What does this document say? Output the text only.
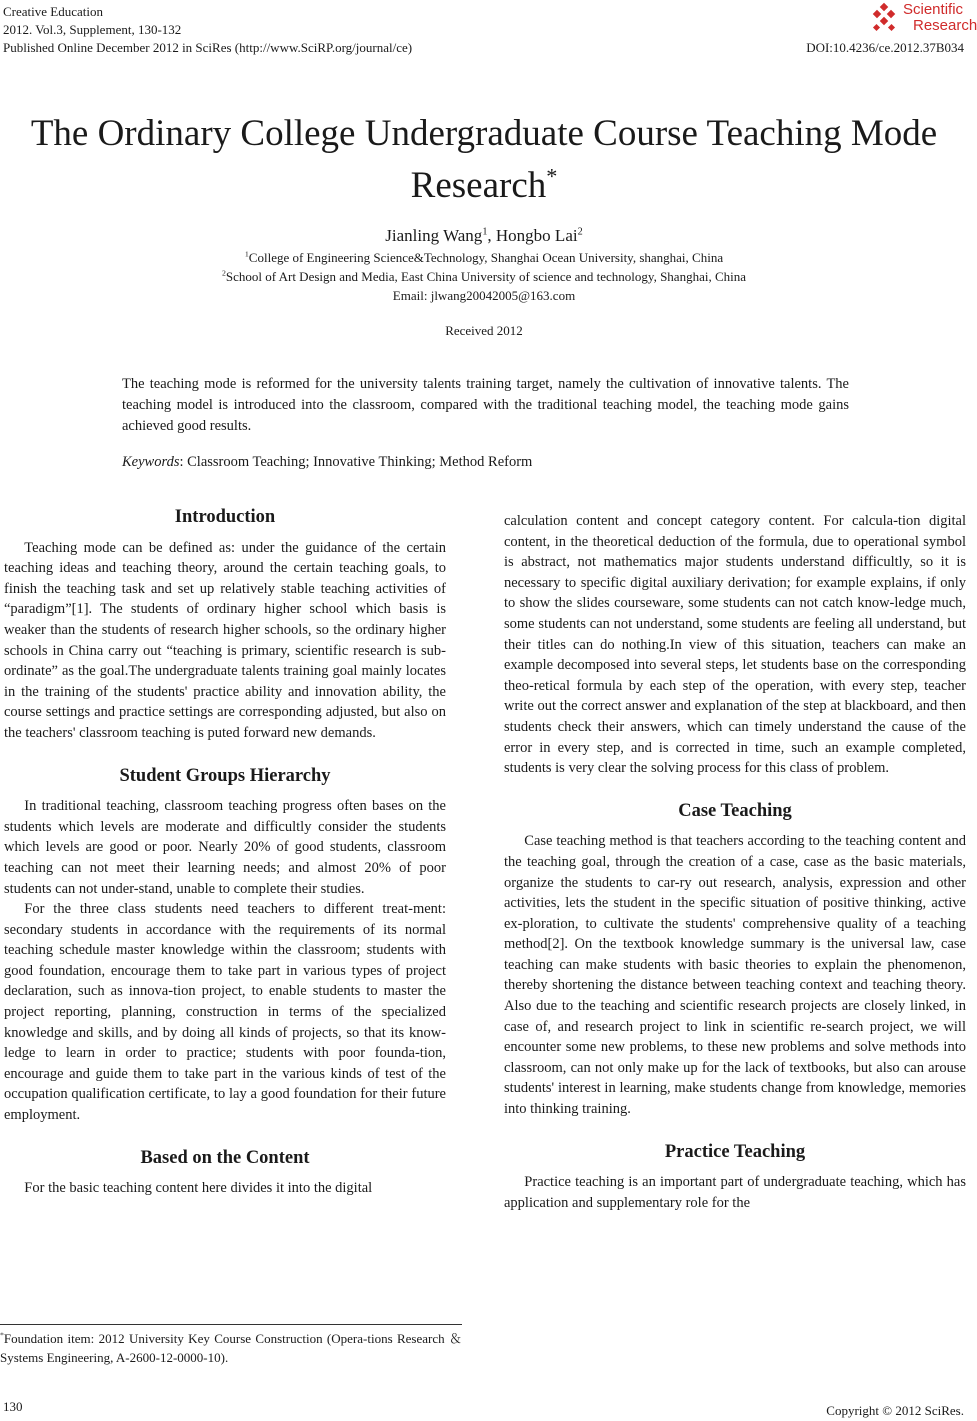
Creative Education
2012. Vol.3, Supplement, 130-132
Published Online December 2012 in SciRes (http://www.SciRP.org/journal/ce)	DOI:10.4236/ce.2012.37B034
Scientific
Research
The Ordinary College Undergraduate Course Teaching Mode
Research*
Jianling Wang$^1$, Hongbo Lai$^2$
$^1$College of Engineering Science&Technology, Shanghai Ocean University, shanghai, China
$^2$School of Art Design and Media, East China University of science and technology, Shanghai, China
Email: jlwang20042005@163.com
Received 2012
The teaching mode is reformed for the university talents training target, namely the cultivation of innovative talents. The teaching model is introduced into the classroom, compared with the traditional teaching model, the teaching mode gains achieved good results.
Keywords: Classroom Teaching; Innovative Thinking; Method Reform
Introduction

Teaching mode can be defined as: under the guidance of the certain teaching ideas and teaching theory, around the certain teaching goals, to finish the teaching task and set up relatively stable teaching activities of “paradigm”[1]. The students of ordinary higher school which basis is weaker than the students of research higher schools, so the ordinary higher schools in China carry out “teaching is primary, scientific research is sub-ordinate” as the goal.The undergraduate talents training goal mainly locates in the training of the students' practice ability and innovation ability, the course settings and practice settings are corresponding adjusted, but also on the teachers' classroom teaching is puted forward new demands.

Student Groups Hierarchy

In traditional teaching, classroom teaching progress often bases on the students which levels are moderate and difficultly consider the students which levels are good or poor. Nearly 20% of good students, classroom teaching can not meet their learning needs; and almost 20% of poor students can not under-stand, unable to complete their studies.

For the three class students need teachers to different treat-ment: secondary students in accordance with the requirements of its normal teaching schedule master knowledge within the classroom; students with good foundation, encourage them to take part in various types of project declaration, such as innova-tion project, to enable students to master the project reporting, planning, construction in terms of the specialized knowledge and skills, and by doing all kinds of projects, so that its know-ledge to learn in order to practice; students with poor founda-tion, encourage and guide them to take part in the various kinds of test of the occupation qualification certificate, to lay a good foundation for their future employment.

Based on the Content

For the basic teaching content here divides it into the digital

*Foundation item: 2012 University Key Course Construction (Opera-tions Research ＆ Systems Engineering, A-2600-12-0000-10).

calculation content and concept category content. For calcula-tion digital content, in the theoretical deduction of the formula, due to operational symbol is abstract, not mathematics major students understand difficultly, so it is necessary to specific digital auxiliary derivation; for example explains, if only to show the slides courseware, some students can not catch know-ledge much, some students can not understand, some students are feeling all understand, but their titles can do nothing.In view of this situation, teachers can make an example decomposed into several steps, let students base on the corresponding theo-retical formula by each step of the operation, with every step, teacher write out the correct answer and explanation of the step at blackboard, and then students check their answers, which can timely understand the cause of the error in every step, and is corrected in time, such an example completed, students is very clear the solving process for this class of problem.

Case Teaching

Case teaching method is that teachers according to the teaching content and the teaching goal, through the creation of a case, case as the basic materials, organize the students to car-ry out research, analysis, expression and other activities, lets the student in the specific situation of positive thinking, active ex-ploration, to cultivate the students' comprehensive quality of a teaching method[2]. On the textbook knowledge summary is the universal law, case teaching can make students with basic theories to explain the phenomenon, thereby shortening the distance between teaching context and teaching theory. Also due to the teaching and scientific research projects are closely linked, in case of, and research project to link in scientific re-search project, we will encounter some new problems, to these new problems and solve methods into classroom, can not only make up for the lack of textbooks, but also can arouse students' interest in learning, make students change from knowledge, memories into thinking training.

Practice Teaching

Practice teaching is an important part of undergraduate teaching, which has application and supplementary role for the

130	Copyright © 2012 SciRes.
